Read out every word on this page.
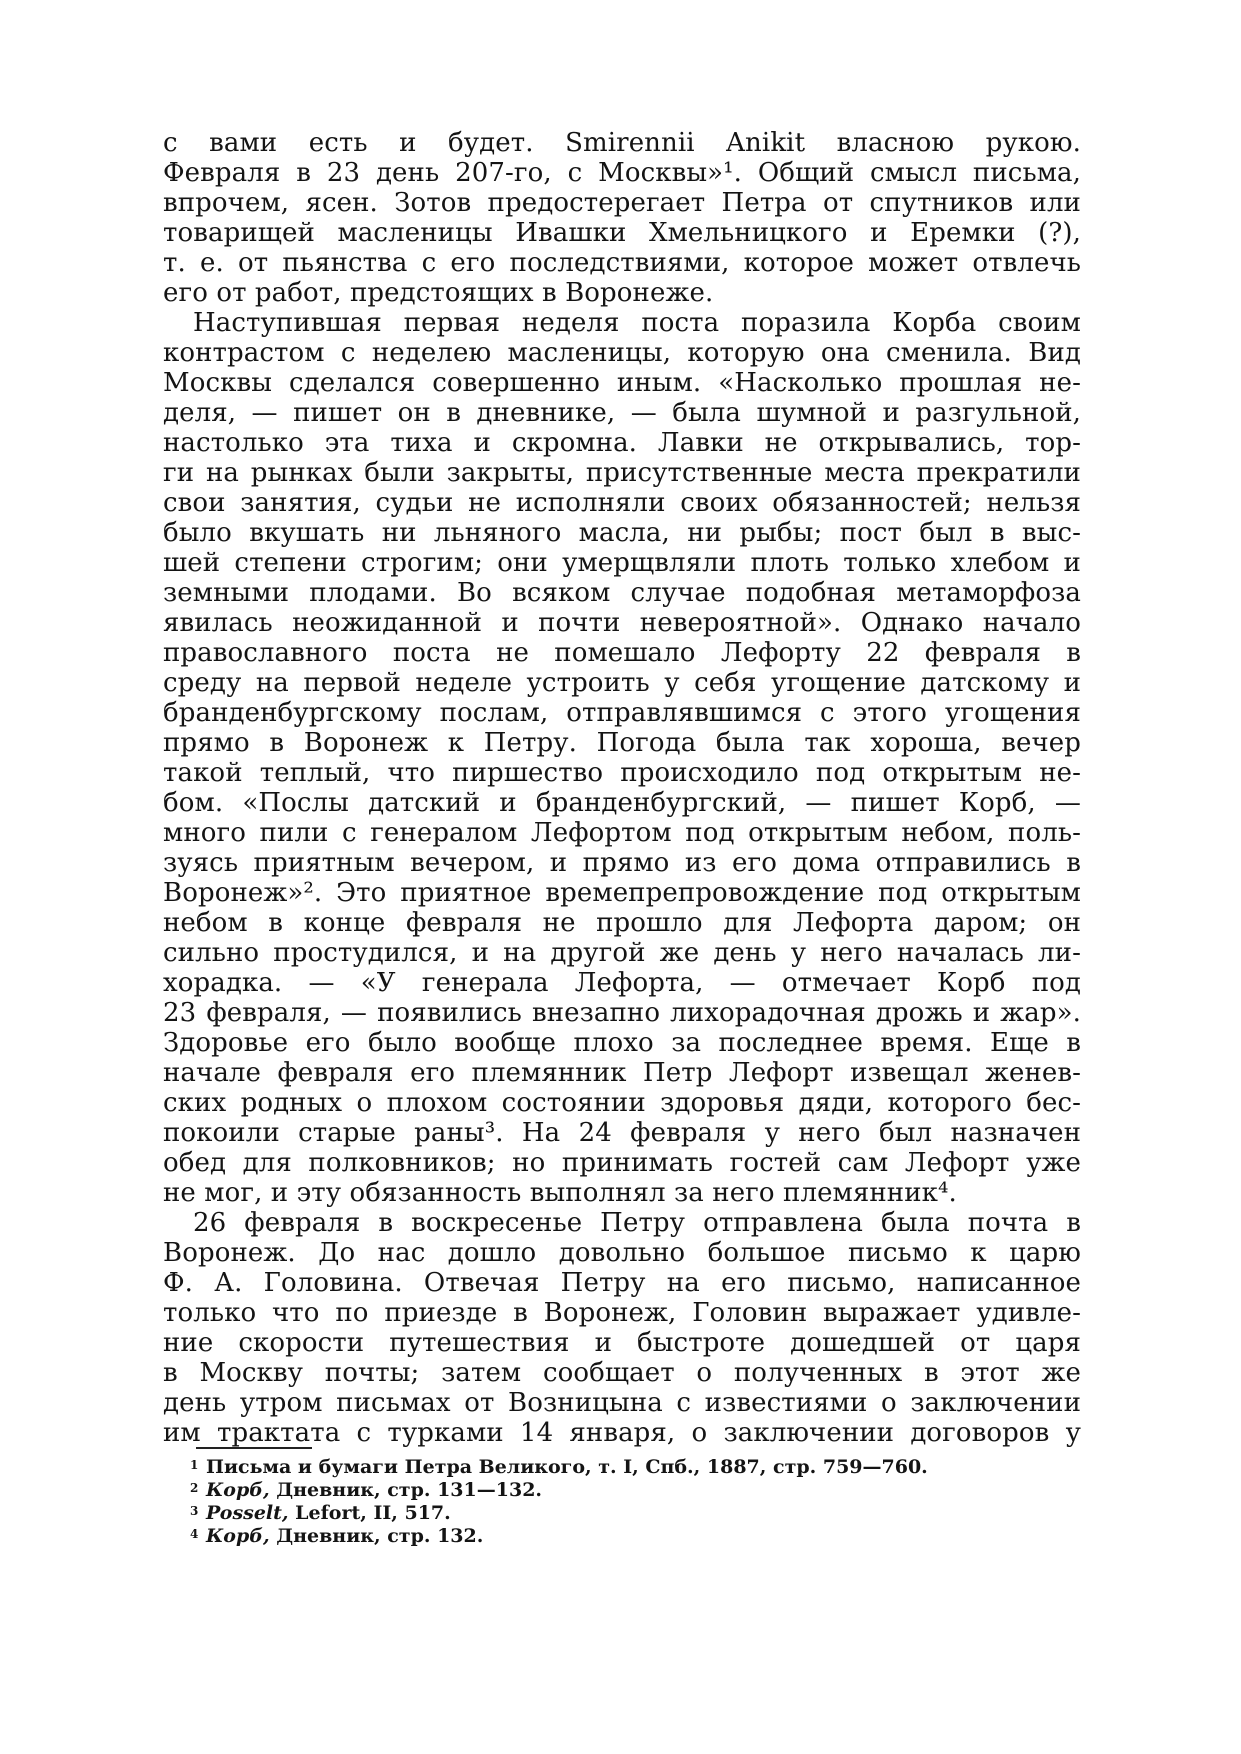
с вами есть и будет. Smirennii Anikit власною рукою.
Февраля в 23 день 207-го, с Москвы»¹. Общий смысл письма,
впрочем, ясен. Зотов предостерегает Петра от спутников или
товарищей масленицы Ивашки Хмельницкого и Еремки (?),
т. е. от пьянства с его последствиями, которое может отвлечь
его от работ, предстоящих в Воронеже.
Наступившая первая неделя поста поразила Корба своим
контрастом с неделею масленицы, которую она сменила. Вид
Москвы сделался совершенно иным. «Насколько прошлая не-
деля, — пишет он в дневнике, — была шумной и разгульной,
настолько эта тиха и скромна. Лавки не открывались, тор-
ги на рынках были закрыты, присутственные места прекратили
свои занятия, судьи не исполняли своих обязанностей; нельзя
было вкушать ни льняного масла, ни рыбы; пост был в выс-
шей степени строгим; они умерщвляли плоть только хлебом и
земными плодами. Во всяком случае подобная метаморфоза
явилась неожиданной и почти невероятной». Однако начало
православного поста не помешало Лефорту 22 февраля в
среду на первой неделе устроить у себя угощение датскому и
бранденбургскому послам, отправлявшимся с этого угощения
прямо в Воронеж к Петру. Погода была так хороша, вечер
такой теплый, что пиршество происходило под открытым не-
бом. «Послы датский и бранденбургский, — пишет Корб, —
много пили с генералом Лефортом под открытым небом, поль-
зуясь приятным вечером, и прямо из его дома отправились в
Воронеж»². Это приятное времепрепровождение под открытым
небом в конце февраля не прошло для Лефорта даром; он
сильно простудился, и на другой же день у него началась ли-
хорадка. — «У генерала Лефорта, — отмечает Корб под
23 февраля, — появились внезапно лихорадочная дрожь и жар».
Здоровье его было вообще плохо за последнее время. Еще в
начале февраля его племянник Петр Лефорт извещал женев-
ских родных о плохом состоянии здоровья дяди, которого бес-
покоили старые раны³. На 24 февраля у него был назначен
обед для полковников; но принимать гостей сам Лефорт уже
не мог, и эту обязанность выполнял за него племянник⁴.
26 февраля в воскресенье Петру отправлена была почта в
Воронеж. До нас дошло довольно большое письмо к царю
Ф. А. Головина. Отвечая Петру на его письмо, написанное
только что по приезде в Воронеж, Головин выражает удивле-
ние скорости путешествия и быстроте дошедшей от царя
в Москву почты; затем сообщает о полученных в этот же
день утром письмах от Возницына с известиями о заключении
им трактата с турками 14 января, о заключении договоров у
1 Письма и бумаги Петра Великого, т. I, Спб., 1887, стр. 759—760.
2 Корб, Дневник, стр. 131—132.
3 Posselt, Lefort, II, 517.
4 Корб, Дневник, стр. 132.
